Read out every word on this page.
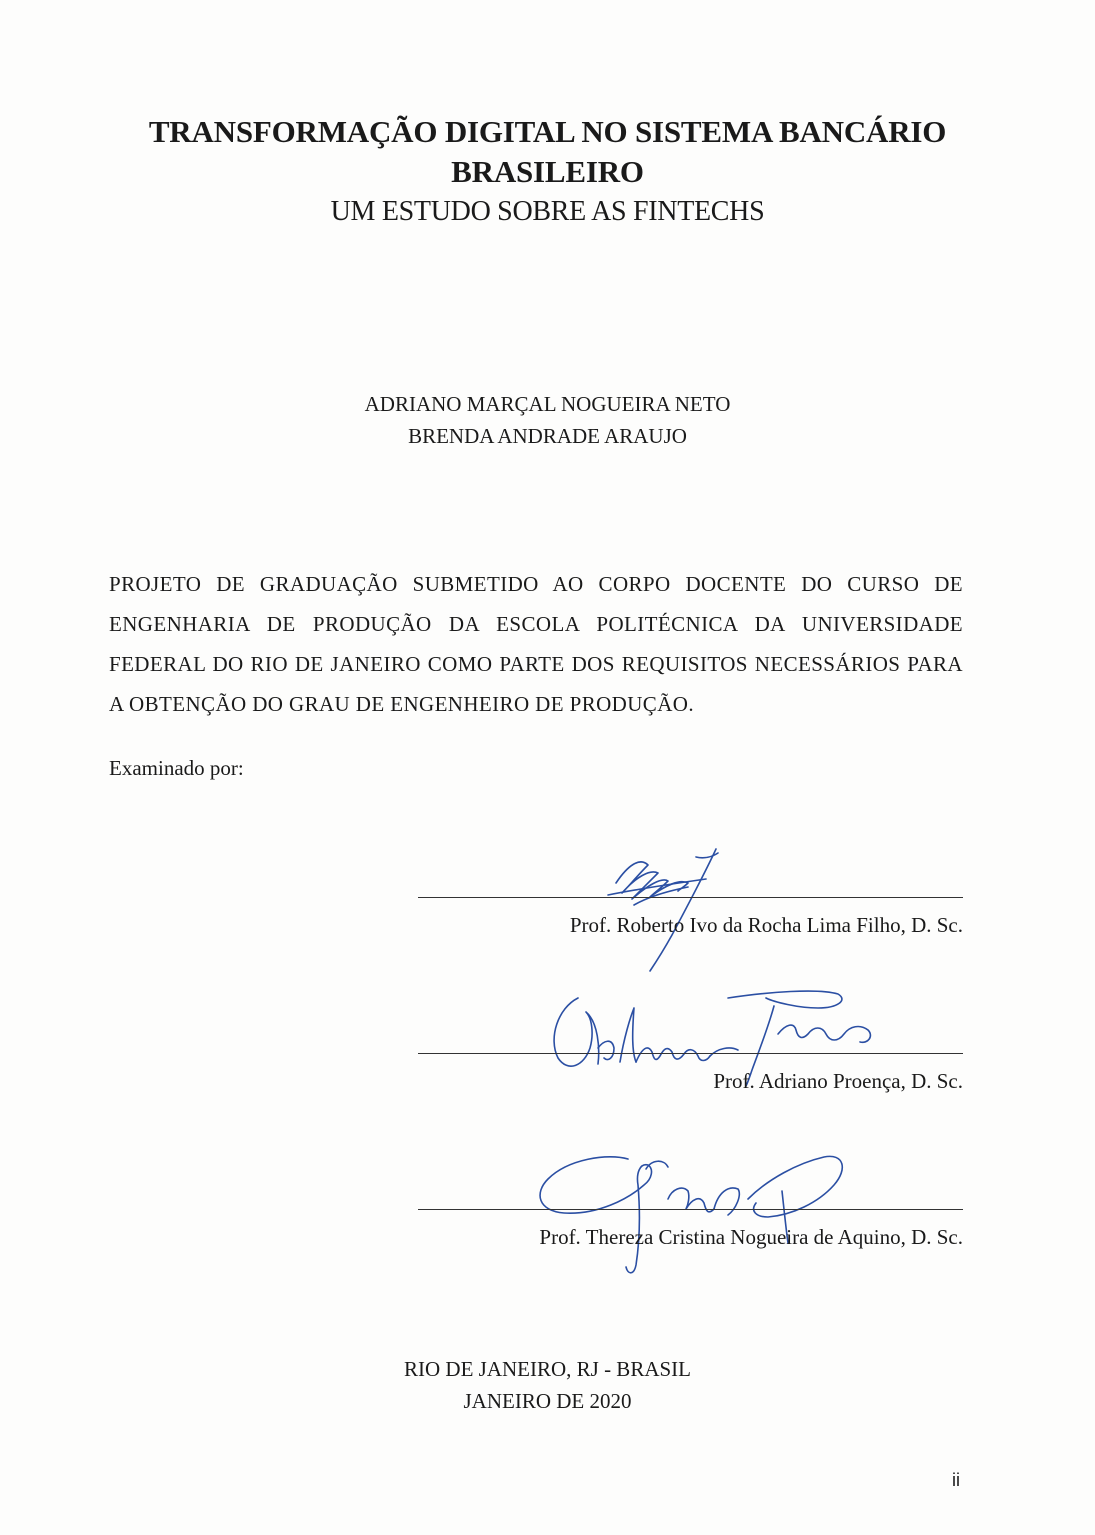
TRANSFORMAÇÃO DIGITAL NO SISTEMA BANCÁRIO

BRASILEIRO

UM ESTUDO SOBRE AS FINTECHS

ADRIANO MARÇAL NOGUEIRA NETO
BRENDA ANDRADE ARAUJO
PROJETO DE GRADUAÇÃO SUBMETIDO AO CORPO DOCENTE DO CURSO DE ENGENHARIA DE PRODUÇÃO DA ESCOLA POLITÉCNICA DA UNIVERSIDADE FEDERAL DO RIO DE JANEIRO COMO PARTE DOS REQUISITOS NECESSÁRIOS PARA A OBTENÇÃO DO GRAU DE ENGENHEIRO DE PRODUÇÃO.
Examinado por:
Prof. Roberto Ivo da Rocha Lima Filho, D. Sc.
Prof. Adriano Proença, D. Sc.
Prof. Thereza Cristina Nogueira de Aquino, D. Sc.
RIO DE JANEIRO, RJ - BRASIL
JANEIRO DE 2020
ii
